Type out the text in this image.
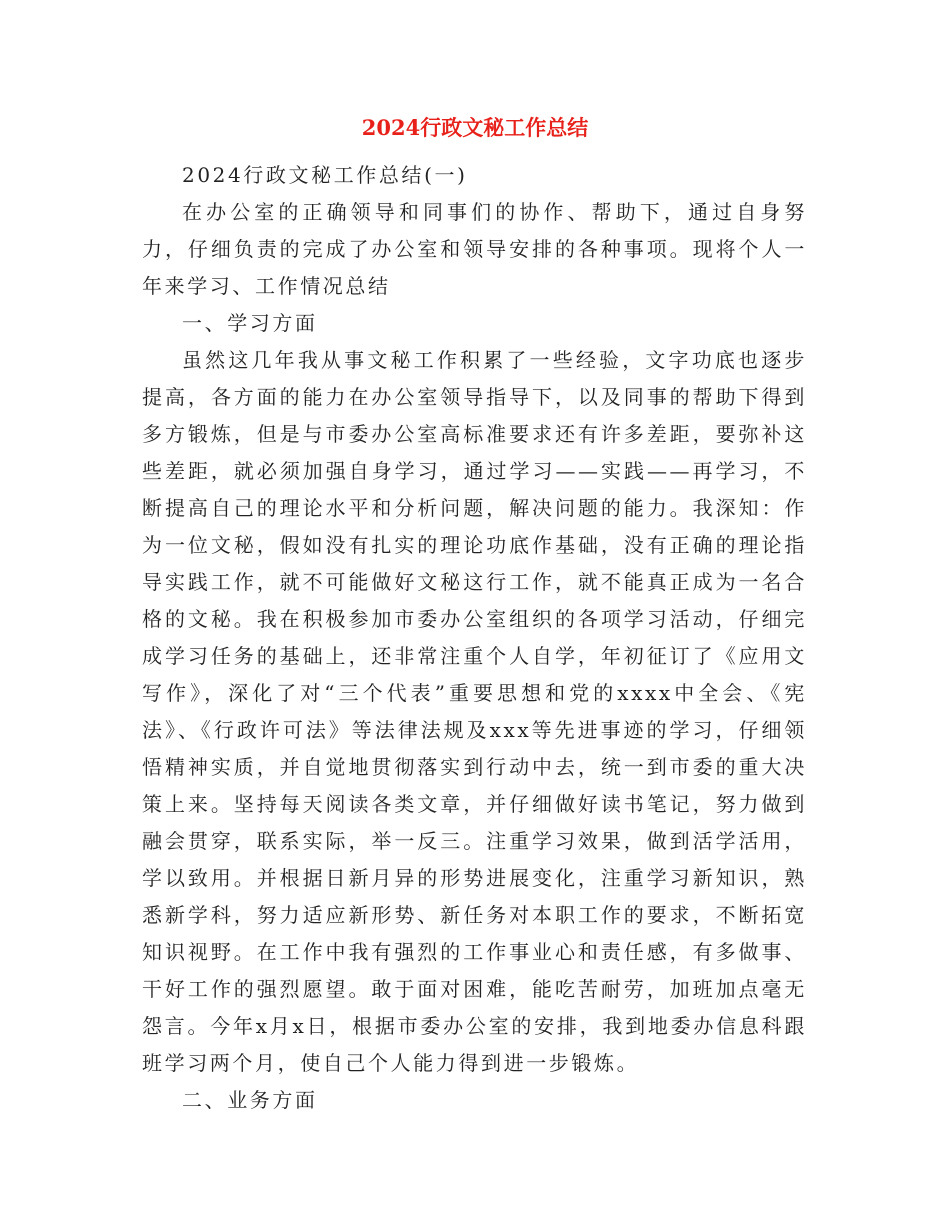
2024行政文秘工作总结

2024行政文秘工作总结(一)

在办公室的正确领导和同事们的协作、帮助下，通过自身努力，仔细负责的完成了办公室和领导安排的各种事项。现将个人一年来学习、工作情况总结

一、学习方面

虽然这几年我从事文秘工作积累了一些经验，文字功底也逐步提高，各方面的能力在办公室领导指导下，以及同事的帮助下得到多方锻炼，但是与市委办公室高标准要求还有许多差距，要弥补这些差距，就必须加强自身学习，通过学习——实践——再学习，不断提高自己的理论水平和分析问题，解决问题的能力。我深知：作为一位文秘，假如没有扎实的理论功底作基础，没有正确的理论指导实践工作，就不可能做好文秘这行工作，就不能真正成为一名合格的文秘。我在积极参加市委办公室组织的各项学习活动，仔细完成学习任务的基础上，还非常注重个人自学，年初征订了《应用文写作》，深化了对“三个代表”重要思想和党的xxxx中全会、《宪法》、《行政许可法》等法律法规及xxx等先进事迹的学习，仔细领悟精神实质，并自觉地贯彻落实到行动中去，统一到市委的重大决策上来。坚持每天阅读各类文章，并仔细做好读书笔记，努力做到融会贯穿，联系实际，举一反三。注重学习效果，做到活学活用，学以致用。并根据日新月异的形势进展变化，注重学习新知识，熟悉新学科，努力适应新形势、新任务对本职工作的要求，不断拓宽知识视野。在工作中我有强烈的工作事业心和责任感，有多做事、干好工作的强烈愿望。敢于面对困难，能吃苦耐劳，加班加点毫无怨言。今年x月x日，根据市委办公室的安排，我到地委办信息科跟班学习两个月，使自己个人能力得到进一步锻炼。

二、业务方面
